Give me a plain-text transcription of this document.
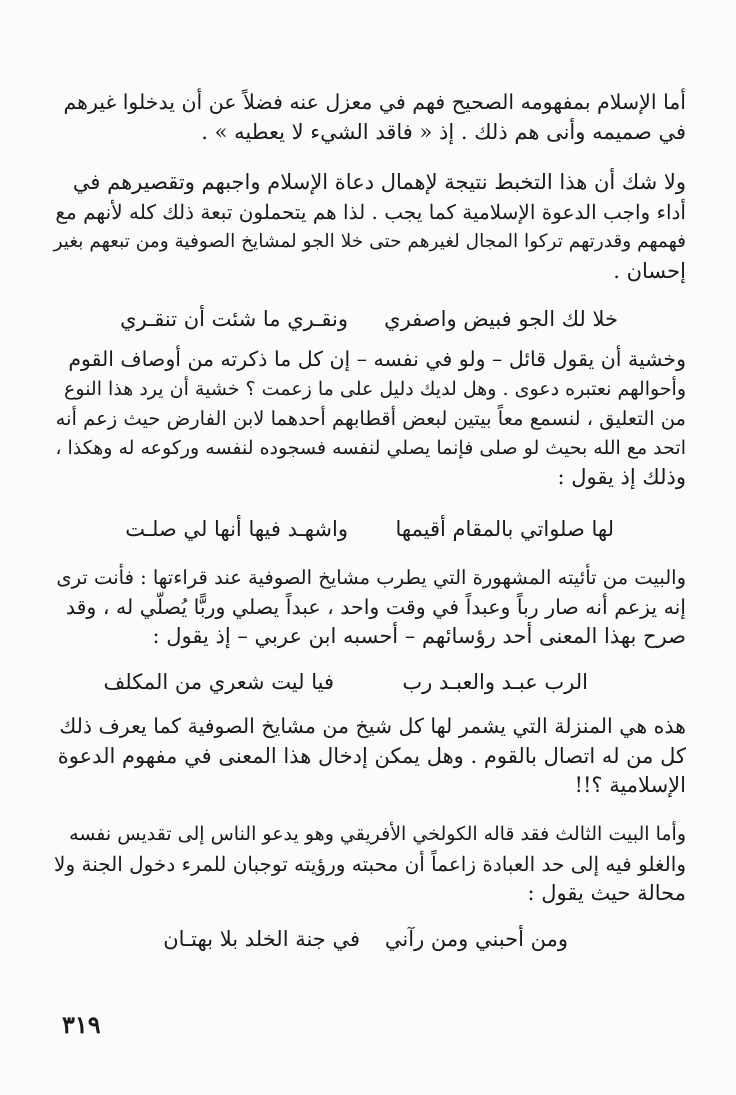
أما الإسلام بمفهومه الصحيح فهم في معزل عنه فضلاً عن أن يدخلوا غيرهم

في صميمه وأنى هم ذلك . إذ « فاقد الشيء لا يعطيه » .

ولا شك أن هذا التخبط نتيجة لإهمال دعاة الإسلام واجبهم وتقصيرهم في

أداء واجب الدعوة الإسلامية كما يجب . لذا هم يتحملون تبعة ذلك كله لأنهم مع

فهمهم وقدرتهم تركوا المجال لغيرهم حتى خلا الجو لمشايخ الصوفية ومن تبعهم بغير

إحسان .

خلا لك الجو فبيض واصفري
ونقـري ما شئت أن تنقـري

وخشية أن يقول قائل – ولو في نفسه – إن كل ما ذكرته من أوصاف القوم

وأحوالهم نعتبره دعوى . وهل لديك دليل على ما زعمت ؟ خشية أن يرد هذا النوع

من التعليق ، لنسمع معاً بيتين لبعض أقطابهم أحدهما لابن الفارض حيث زعم أنه

اتحد مع الله بحيث لو صلى فإنما يصلي لنفسه فسجوده لنفسه وركوعه له وهكذا ،

وذلك إذ يقول :

لها صلواتي بالمقام أقيمها
واشهـد فيها أنها لي صلـت

والبيت من تأئيته المشهورة التي يطرب مشايخ الصوفية عند قراءتها : فأنت ترى

إنه يزعم أنه صار رباً وعبداً في وقت واحد ، عبداً يصلي وربًّا يُصلّي له ، وقد

صرح بهذا المعنى أحد رؤسائهم – أحسبه ابن عربي – إذ يقول :

الرب عبـد والعبـد رب
فيا ليت شعري من المكلف

هذه هي المنزلة التي يشمر لها كل شيخ من مشايخ الصوفية كما يعرف ذلك

كل من له اتصال بالقوم . وهل يمكن إدخال هذا المعنى في مفهوم الدعوة

الإسلامية ؟!!

وأما البيت الثالث فقد قاله الكولخي الأفريقي وهو يدعو الناس إلى تقديس نفسه

والغلو فيه إلى حد العبادة زاعماً أن محبته ورؤيته توجبان للمرء دخول الجنة ولا

محالة حيث يقول :

ومن أحبني ومن رآني
في جنة الخلد بلا بهتـان
٣١٩
